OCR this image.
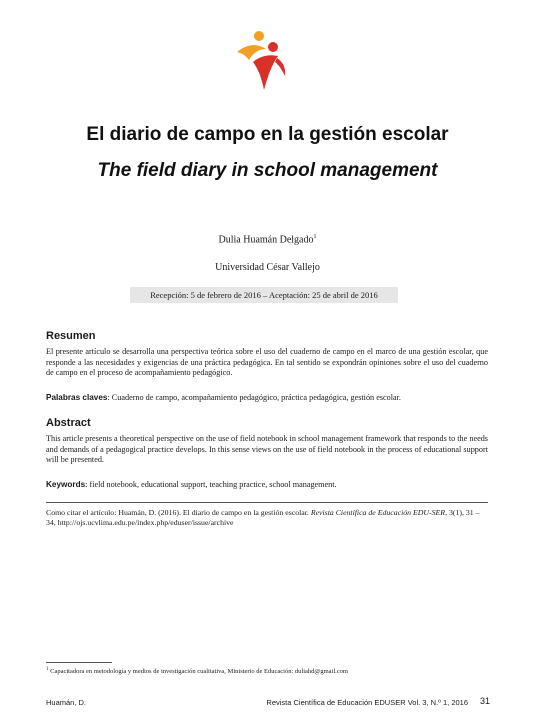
El diario de campo en la gestión escolar
The field diary in school management
Dulia Huamán Delgado$^1$
Universidad César Vallejo
Recepción: 5 de febrero de 2016 – Aceptación: 25 de abril de 2016
Resumen

El presente artículo se desarrolla una perspectiva teórica sobre el uso del cuaderno de campo en el marco de una gestión escolar, que responde a las necesidades y exigencias de una práctica pedagógica. En tal sentido se expondrán opiniones sobre el uso del cuaderno de campo en el proceso de acompañamiento pedagógico.

Palabras claves: Cuaderno de campo, acompañamiento pedagógico, práctica pedagógica, gestión escolar.

Abstract

This article presents a theoretical perspective on the use of field notebook in school management framework that responds to the needs and demands of a pedagogical practice develops. In this sense views on the use of field notebook in the process of educational support will be presented.

Keywords: field notebook, educational support, teaching practice, school management.

Como citar el artículo: Huamán, D. (2016). El diario de campo en la gestión escolar. Revista Científica de Educación EDU-SER, 3(1), 31 – 34, http://ojs.ucvlima.edu.pe/index.php/eduser/issue/archive

$^1$ Capacitadora en metodología y medios de investigación cualitativa, Ministerio de Educación: duliahd@gmail.com
Huamán, D.	Revista Científica de Educación EDUSER Vol. 3, N.º 1, 2016 31
